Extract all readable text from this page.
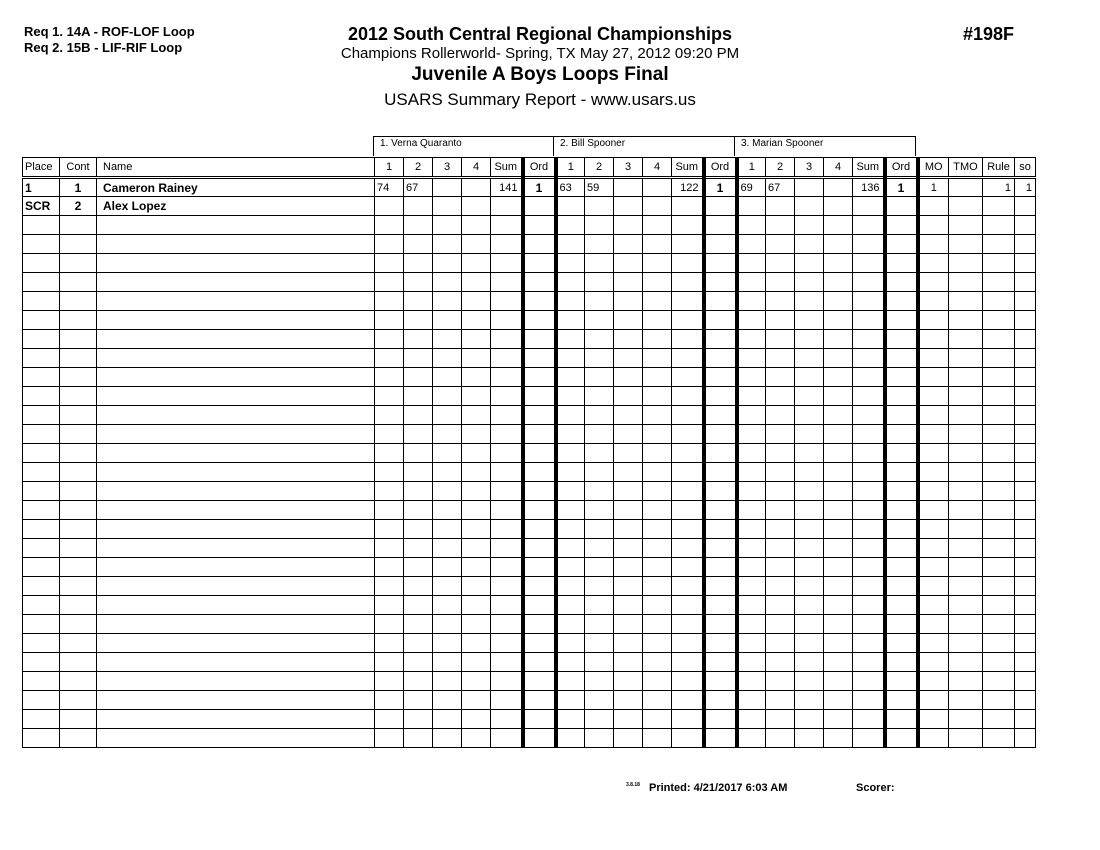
Req 1. 14A - ROF-LOF Loop
Req 2. 15B - LIF-RIF Loop
2012 South Central Regional Championships
Champions Rollerworld- Spring, TX May 27, 2012 09:20 PM
Juvenile A Boys Loops Final
USARS Summary Report - www.usars.us
#198F
1. Verna Quaranto	2. Bill Spooner	3. Marian Spooner
Place	Cont	Name	1	2	3	4	Sum	Ord	1	2	3	4	Sum	Ord	1	2	3	4	Sum	Ord	MO	TMO	Rule	so
1	1	Cameron Rainey	74	67			141	1	63	59			122	1	69	67			136	1	1		1	1
SCR	2	Alex Lopez																						

3.8.18 Printed: 4/21/2017 6:03 AM	Scorer:
